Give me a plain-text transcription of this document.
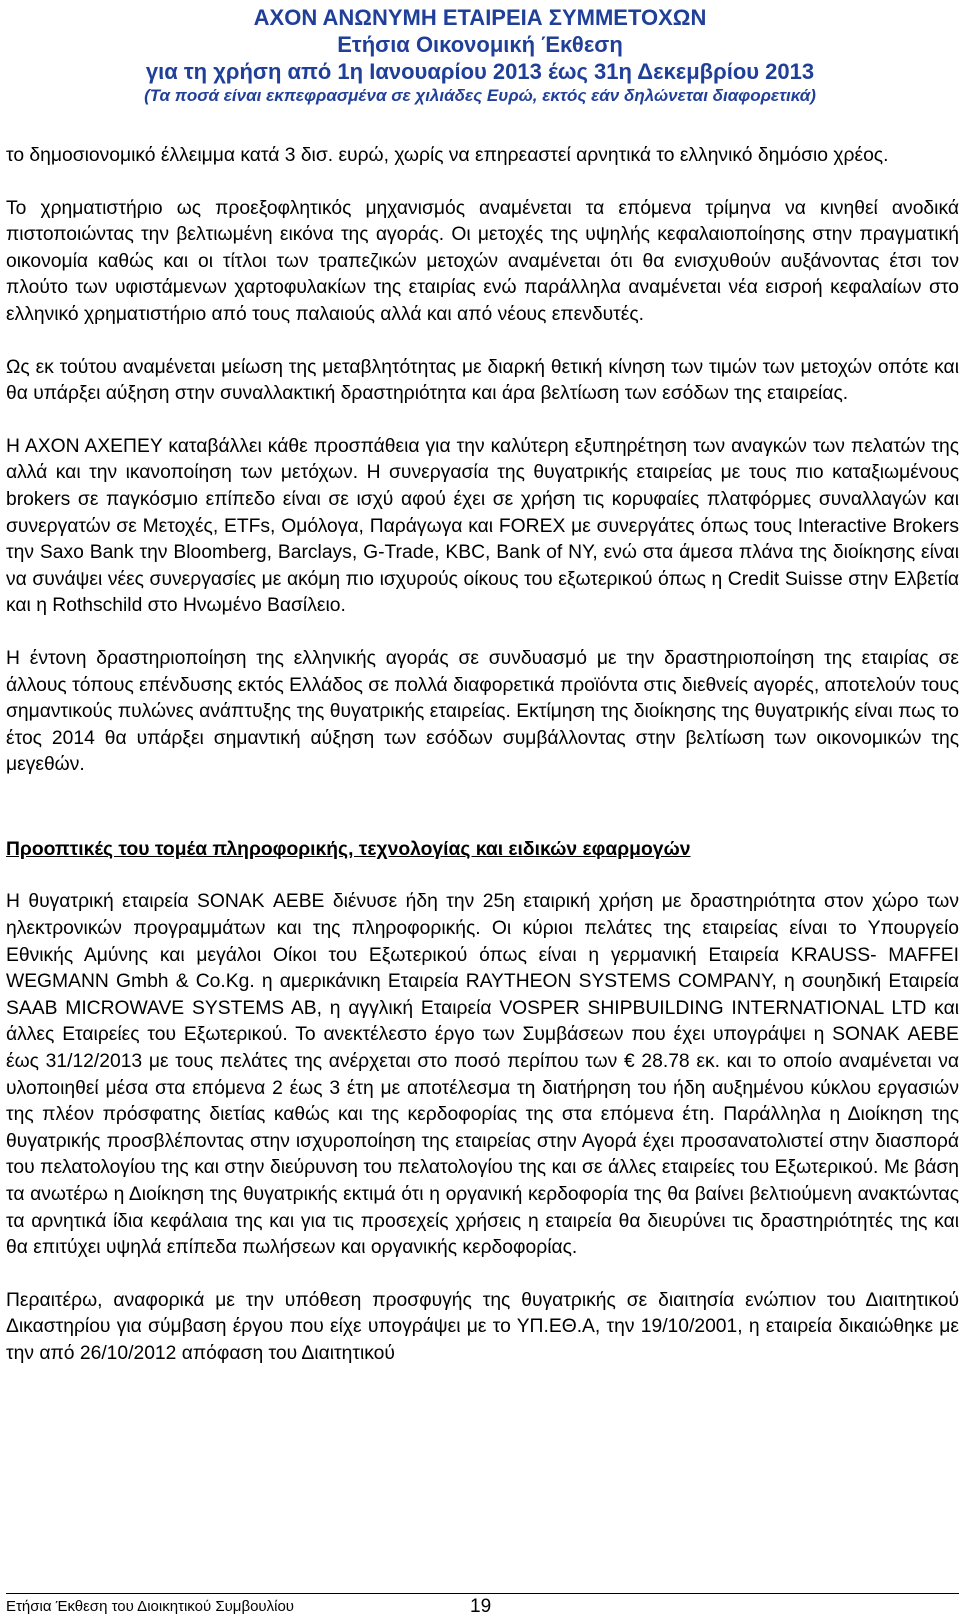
ΑΧΟΝ ΑΝΩΝΥΜΗ ΕΤΑΙΡΕΙΑ ΣΥΜΜΕΤΟΧΩΝ
Ετήσια Οικονομική Έκθεση
για τη χρήση από 1η Ιανουαρίου 2013 έως 31η Δεκεμβρίου 2013
(Τα ποσά είναι εκπεφρασμένα σε χιλιάδες Ευρώ, εκτός εάν δηλώνεται διαφορετικά)

το δημοσιονομικό έλλειμμα κατά 3 δισ. ευρώ, χωρίς να επηρεαστεί αρνητικά το ελληνικό δημόσιο χρέος.

Το χρηματιστήριο ως προεξοφλητικός μηχανισμός αναμένεται τα επόμενα τρίμηνα να κινηθεί ανοδικά πιστοποιώντας την βελτιωμένη εικόνα της αγοράς. Οι μετοχές της υψηλής κεφαλαιοποίησης στην πραγματική οικονομία καθώς και οι τίτλοι των τραπεζικών μετοχών αναμένεται ότι θα ενισχυθούν αυξάνοντας έτσι τον πλούτο των υφιστάμενων χαρτοφυλακίων της εταιρίας ενώ παράλληλα αναμένεται νέα εισροή κεφαλαίων στο ελληνικό χρηματιστήριο από τους παλαιούς αλλά και από νέους επενδυτές.

Ως εκ τούτου αναμένεται μείωση της μεταβλητότητας με διαρκή θετική κίνηση των τιμών των μετοχών οπότε και θα υπάρξει αύξηση στην συναλλακτική δραστηριότητα και άρα βελτίωση των εσόδων της εταιρείας.

Η ΑΧΟΝ ΑΧΕΠΕΥ καταβάλλει κάθε προσπάθεια για την καλύτερη εξυπηρέτηση των αναγκών των πελατών της αλλά και την ικανοποίηση των μετόχων. Η συνεργασία της θυγατρικής εταιρείας με τους πιο καταξιωμένους brokers σε παγκόσμιο επίπεδο είναι σε ισχύ αφού έχει σε χρήση τις κορυφαίες πλατφόρμες συναλλαγών και συνεργατών σε Μετοχές, ETFs, Ομόλογα, Παράγωγα και FOREX με συνεργάτες όπως τους Interactive Brokers την Saxo Bank την Bloomberg, Barclays, G-Trade, KBC, Bank of NY, ενώ στα άμεσα πλάνα της διοίκησης είναι να συνάψει νέες συνεργασίες με ακόμη πιο ισχυρούς οίκους του εξωτερικού όπως η Credit Suisse στην Ελβετία και η Rothschild στο Ηνωμένο Βασίλειο.

Η έντονη δραστηριοποίηση της ελληνικής αγοράς σε συνδυασμό με την δραστηριοποίηση της εταιρίας σε άλλους τόπους επένδυσης εκτός Ελλάδος σε πολλά διαφορετικά προϊόντα στις διεθνείς αγορές, αποτελούν τους σημαντικούς πυλώνες ανάπτυξης της θυγατρικής εταιρείας. Εκτίμηση της διοίκησης της θυγατρικής είναι πως το έτος 2014 θα υπάρξει σημαντική αύξηση των εσόδων συμβάλλοντας στην βελτίωση των οικονομικών της μεγεθών.

Προοπτικές του τομέα πληροφορικής, τεχνολογίας και ειδικών εφαρμογών

Η θυγατρική εταιρεία SONAK ΑΕΒΕ διένυσε ήδη την 25η εταιρική χρήση με δραστηριότητα στον χώρο των ηλεκτρονικών προγραμμάτων και της πληροφορικής. Οι κύριοι πελάτες της εταιρείας είναι το Υπουργείο Εθνικής Αμύνης και μεγάλοι Οίκοι του Εξωτερικού όπως είναι η γερμανική Εταιρεία KRAUSS- MAFFEI WEGMANN Gmbh & Co.Kg. η αμερικάνικη Εταιρεία RAYTHEON SYSTEMS COMPANY, η σουηδική Εταιρεία SAAB MICROWAVE SYSTEMS AB, η αγγλική Εταιρεία VOSPER SHIPBUILDING INTERNATIONAL LTD και άλλες Εταιρείες του Εξωτερικού. Το ανεκτέλεστο έργο των Συμβάσεων που έχει υπογράψει η SONAK ΑΕΒΕ έως 31/12/2013 με τους πελάτες της ανέρχεται στο ποσό περίπου των € 28.78 εκ. και το οποίο αναμένεται να υλοποιηθεί μέσα στα επόμενα 2 έως 3 έτη με αποτέλεσμα τη διατήρηση του ήδη αυξημένου κύκλου εργασιών της πλέον πρόσφατης διετίας καθώς και της κερδοφορίας της στα επόμενα έτη. Παράλληλα η Διοίκηση της θυγατρικής προσβλέποντας στην ισχυροποίηση της εταιρείας στην Αγορά έχει προσανατολιστεί στην διασπορά του πελατολογίου της και στην διεύρυνση του πελατολογίου της και σε άλλες εταιρείες του Εξωτερικού. Με βάση τα ανωτέρω η Διοίκηση της θυγατρικής εκτιμά ότι η οργανική κερδοφορία της θα βαίνει βελτιούμενη ανακτώντας τα αρνητικά ίδια κεφάλαια της και για τις προσεχείς χρήσεις η εταιρεία θα διευρύνει τις δραστηριότητές της και θα επιτύχει υψηλά επίπεδα πωλήσεων και οργανικής κερδοφορίας.

Περαιτέρω, αναφορικά με την υπόθεση προσφυγής της θυγατρικής σε διαιτησία ενώπιον του Διαιτητικού Δικαστηρίου για σύμβαση έργου που είχε υπογράψει με το ΥΠ.ΕΘ.Α, την 19/10/2001, η εταιρεία δικαιώθηκε με την από 26/10/2012 απόφαση του Διαιτητικού

Ετήσια Έκθεση του Διοικητικού Συμβουλίου	19
